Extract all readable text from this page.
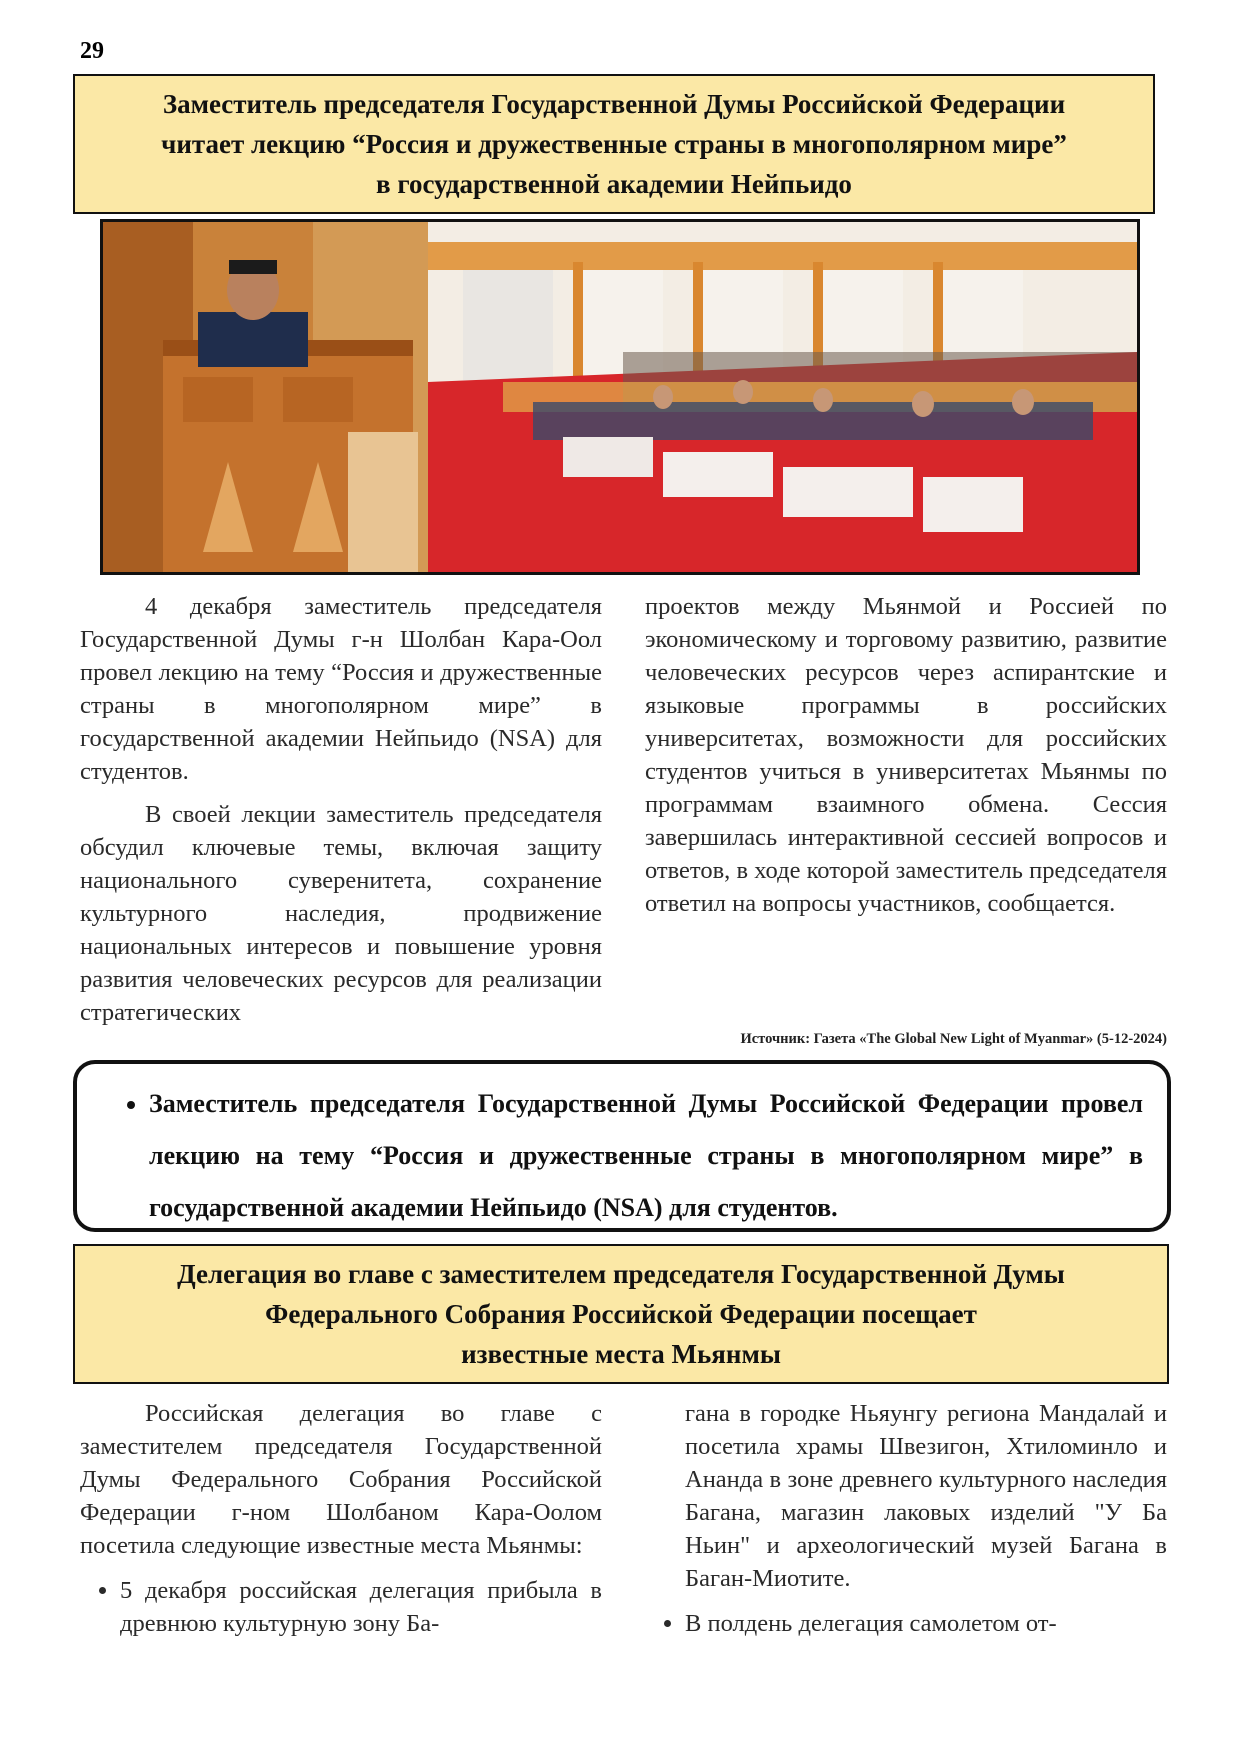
29
Заместитель председателя Государственной Думы Российской Федерации
читает лекцию “Россия и дружественные страны в многополярном мире”
в государственной академии Нейпьидо

4 декабря заместитель председателя Государственной Думы г-н Шолбан Кара-Оол провел лекцию на тему “Россия и дружественные страны в многополярном мире” в государственной академии Нейпьидо (NSA) для студентов.

В своей лекции заместитель председателя обсудил ключевые темы, включая защиту национального суверенитета, сохранение культурного наследия, продвижение национальных интересов и повышение уровня развития человеческих ресурсов для реализации стратегических

проектов между Мьянмой и Россией по экономическому и торговому развитию, развитие человеческих ресурсов через аспирантские и языковые программы в российских университетах, возможности для российских студентов учиться в университетах Мьянмы по программам взаимного обмена. Сессия завершилась интерактивной сессией вопросов и ответов, в ходе которой заместитель председателя ответил на вопросы участников, сообщается.

Источник: Газета «The Global New Light of Myanmar» (5-12-2024)
• Заместитель председателя Государственной Думы Российской Федерации провел лекцию на тему “Россия и дружественные страны в многополярном мире” в государственной академии Нейпьидо (NSA) для студентов.
Делегация во главе с заместителем председателя Государственной Думы
Федерального Собрания Российской Федерации посещает
известные места Мьянмы

Российская делегация во главе с заместителем председателя Государственной Думы Федерального Собрания Российской Федерации г-ном Шолбаном Кара-Оолом посетила следующие известные места Мьянмы:

• 5 декабря российская делегация прибыла в древнюю культурную зону Ба-

гана в городке Ньяунгу региона Мандалай и посетила храмы Швезигон, Хтиломинло и Ананда в зоне древнего культурного наследия Багана, магазин лаковых изделий "У Ба Ньин" и археологический музей Багана в Баган-Миотите.

• В полдень делегация самолетом от-
